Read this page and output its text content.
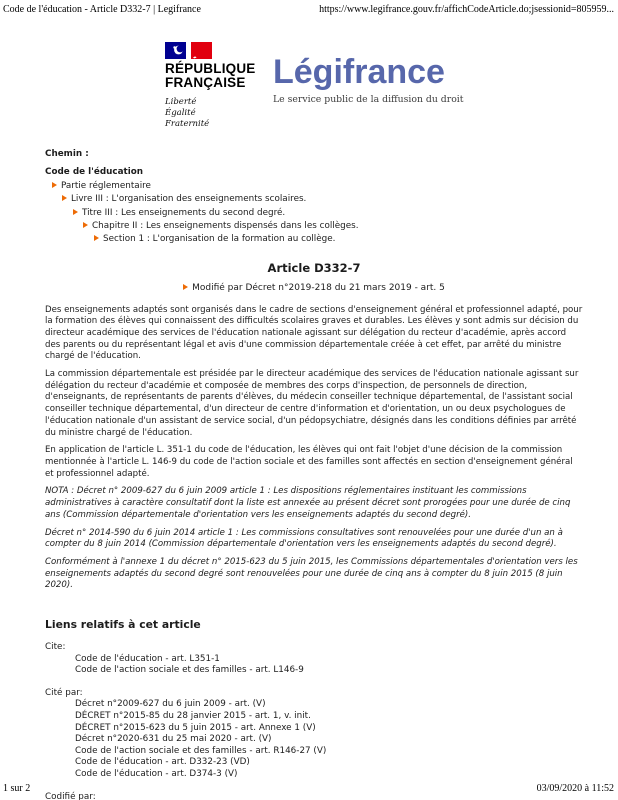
Code de l'éducation - Article D332-7 | Legifrance	https://www.legifrance.gouv.fr/affichCodeArticle.do;jsessionid=805959...
RÉPUBLIQUE
FRANÇAISE
Liberté
Égalité
Fraternité
Légifrance
Le service public de la diffusion du droit
Chemin :
Code de l'éducation
Partie réglementaire
Livre III : L'organisation des enseignements scolaires.
Titre III : Les enseignements du second degré.
Chapitre II : Les enseignements dispensés dans les collèges.
Section 1 : L'organisation de la formation au collège.
Article D332-7
Modifié par Décret n°2019-218 du 21 mars 2019 - art. 5

Des enseignements adaptés sont organisés dans le cadre de sections d'enseignement général et professionnel adapté, pour la formation des élèves qui connaissent des difficultés scolaires graves et durables. Les élèves y sont admis sur décision du directeur académique des services de l'éducation nationale agissant sur délégation du recteur d'académie, après accord des parents ou du représentant légal et avis d'une commission départementale créée à cet effet, par arrêté du ministre chargé de l'éducation.

La commission départementale est présidée par le directeur académique des services de l'éducation nationale agissant sur délégation du recteur d'académie et composée de membres des corps d'inspection, de personnels de direction, d'enseignants, de représentants de parents d'élèves, du médecin conseiller technique départemental, de l'assistant social conseiller technique départemental, d'un directeur de centre d'information et d'orientation, un ou deux psychologues de l'éducation nationale d'un assistant de service social, d'un pédopsychiatre, désignés dans les conditions définies par arrêté du ministre chargé de l'éducation.

En application de l'article L. 351-1 du code de l'éducation, les élèves qui ont fait l'objet d'une décision de la commission mentionnée à l'article L. 146-9 du code de l'action sociale et des familles sont affectés en section d'enseignement général et professionnel adapté.

NOTA : Décret n° 2009-627 du 6 juin 2009 article 1 : Les dispositions réglementaires instituant les commissions administratives à caractère consultatif dont la liste est annexée au présent décret sont prorogées pour une durée de cinq ans (Commission départementale d'orientation vers les enseignements adaptés du second degré).

Décret n° 2014-590 du 6 juin 2014 article 1 : Les commissions consultatives sont renouvelées pour une durée d'un an à compter du 8 juin 2014 (Commission départementale d'orientation vers les enseignements adaptés du second degré).

Conformément à l'annexe 1 du décret n° 2015-623 du 5 juin 2015, les Commissions départementales d'orientation vers les enseignements adaptés du second degré sont renouvelées pour une durée de cinq ans à compter du 8 juin 2015 (8 juin 2020).

Liens relatifs à cet article
Cite:
Code de l'éducation - art. L351-1
Code de l'action sociale et des familles - art. L146-9
Cité par:
Décret n°2009-627 du 6 juin 2009 - art. (V)
DÉCRET n°2015-85 du 28 janvier 2015 - art. 1, v. init.
DÉCRET n°2015-623 du 5 juin 2015 - art. Annexe 1 (V)
Décret n°2020-631 du 25 mai 2020 - art. (V)
Code de l'action sociale et des familles - art. R146-27 (V)
Code de l'éducation - art. D332-23 (VD)
Code de l'éducation - art. D374-3 (V)
Codifié par:
1 sur 2	03/09/2020 à 11:52
